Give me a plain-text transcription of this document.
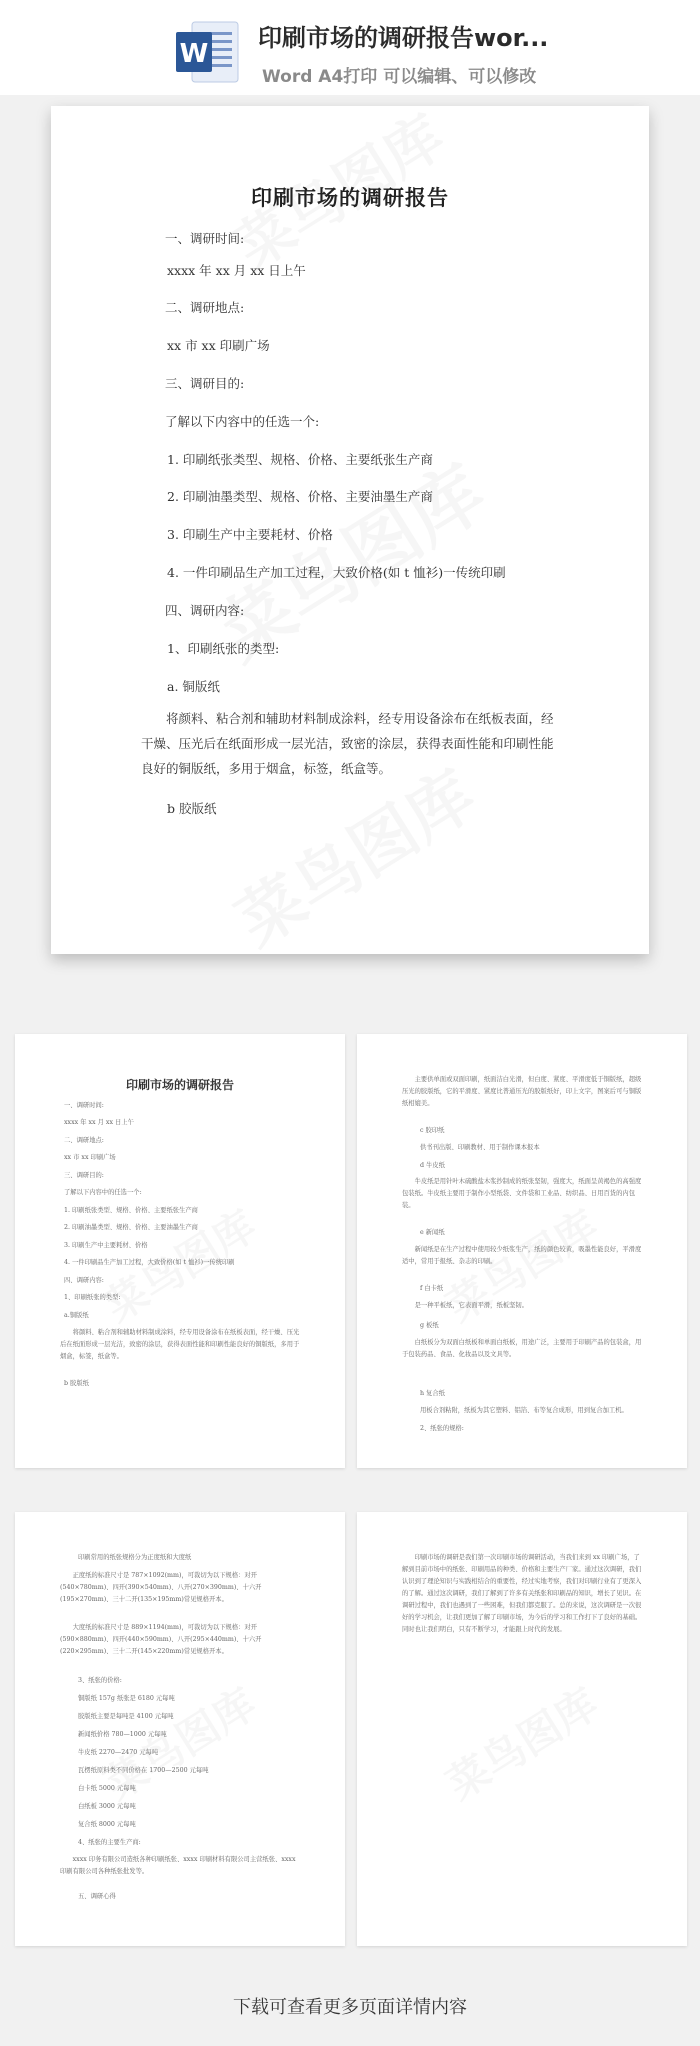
W
印刷市场的调研报告wor...
Word A4打印 可以编辑、可以修改
印刷市场的调研报告
一、调研时间:
xxxx 年 xx 月 xx 日上午
二、调研地点:
xx 市 xx 印刷广场
三、调研目的:
了解以下内容中的任选一个:
1. 印刷纸张类型、规格、价格、主要纸张生产商
2. 印刷油墨类型、规格、价格、主要油墨生产商
3. 印刷生产中主要耗材、价格
4. 一件印刷品生产加工过程，大致价格(如 t 恤衫)一传统印刷
四、调研内容:
1、印刷纸张的类型:
a. 铜版纸
将颜料、粘合剂和辅助材料制成涂料，经专用设备涂布在纸板表面，经干燥、压光后在纸面形成一层光洁，致密的涂层，获得表面性能和印刷性能良好的铜版纸，多用于烟盒，标签，纸盒等。
b 胶版纸
印刷市场的调研报告
一、调研时间:
xxxx 年 xx 月 xx 日上午
二、调研地点:
xx 市 xx 印刷广场
三、调研目的:
了解以下内容中的任选一个:
1. 印刷纸张类型、规格、价格、主要纸张生产商
2. 印刷油墨类型、规格、价格、主要油墨生产商
3. 印刷生产中主要耗材、价格
4. 一件印刷品生产加工过程，大致价格(如 t 恤衫)一传统印刷
四、调研内容:
1、印刷纸张的类型:
a.铜版纸
将颜料、粘合剂和辅助材料制成涂料，经专用设备涂布在纸板表面，经干燥、压光后在纸面形成一层光洁，致密的涂层，获得表面性能和印刷性能良好的铜版纸，多用于烟盒，标签，纸盒等。
b 胶版纸
主要供单面或双面印刷，纸面洁白光滑，但白度、紧度、平滑度低于铜版纸，超级压光的胶版纸，它的平滑度、紧度比普通压光的胶版纸好，印上文字，图案后可与铜版纸相媲美。
c 胶印纸
供书刊出版、印刷教材、用于制作课本报本
d 牛皮纸
牛皮纸是用针叶木硫酸盐木浆抄制成的纸张坚韧，强度大，纸面呈黄褐色的高强度包装纸。牛皮纸主要用于制作小型纸袋、文件袋和工业品、纺织品、日用百货的内包装。
e 新闻纸
新闻纸是在生产过程中使用较少纸浆生产，纸的颜色较黄，吸墨性能良好，平滑度适中，常用于报纸、杂志的印刷。
f 白卡纸
是一种平板纸，它表面平滑，纸板坚韧。
g 板纸
白纸板分为双面白纸板和单面白纸板，用途广泛，主要用于印刷产品的包装盒，用于包装药品、食品、化妆品以及文具等。
h 复合纸
用板合剂粘附，纸板为其它塑料、铝箔、布等复合成形，用到复合加工机。
2、纸张的规格:
印刷常用的纸张规格分为正度纸和大度纸
正度纸的标准尺寸是 787×1092(mm)，可裁切为以下规格：对开(540×780mm)、四开(390×540mm)、八开(270×390mm)、十六开(195×270mm)、三十二开(135×195mm)常见规格开本。
大度纸的标准尺寸是 889×1194(mm)，可裁切为以下规格：对开(590×880mm)、四开(440×590mm)、八开(295×440mm)、十六开(220×295mm)、三十二开(145×220mm)常见规格开本。
3、纸张的价格:
铜版纸 157g 纸张是 6180 元每吨
胶版纸主要是每吨是 4100 元每吨
新闻纸价格 780—1000 元每吨
牛皮纸 2270—2470 元每吨
瓦楞纸原料类不同价格在 1700—2500 元每吨
白卡纸 5000 元每吨
白纸板 3000 元每吨
复合纸 8000 元每吨
4、纸张的主要生产商:
xxxx 印务有限公司造纸各种印刷纸张、xxxx 印刷材料有限公司主营纸张、xxxx 印刷有限公司各种纸张批发等。
五、调研心得
印刷市场的调研是我们第一次印刷市场的调研活动，当我们来到 xx 印刷广场，了解到目前市场中的纸张、印刷用品的种类、价格和主要生产厂家。通过这次调研，我们认识到了理论知识与实践相结合的重要性，经过实地考察，我们对印刷行业有了更深入的了解。通过这次调研，我们了解到了许多有关纸张和印刷品的知识，增长了见识。在调研过程中，我们也遇到了一些困难，但我们都克服了。总的来说，这次调研是一次很好的学习机会，让我们更加了解了印刷市场，为今后的学习和工作打下了良好的基础。同时也让我们明白，只有不断学习，才能跟上时代的发展。
下载可查看更多页面详情内容
